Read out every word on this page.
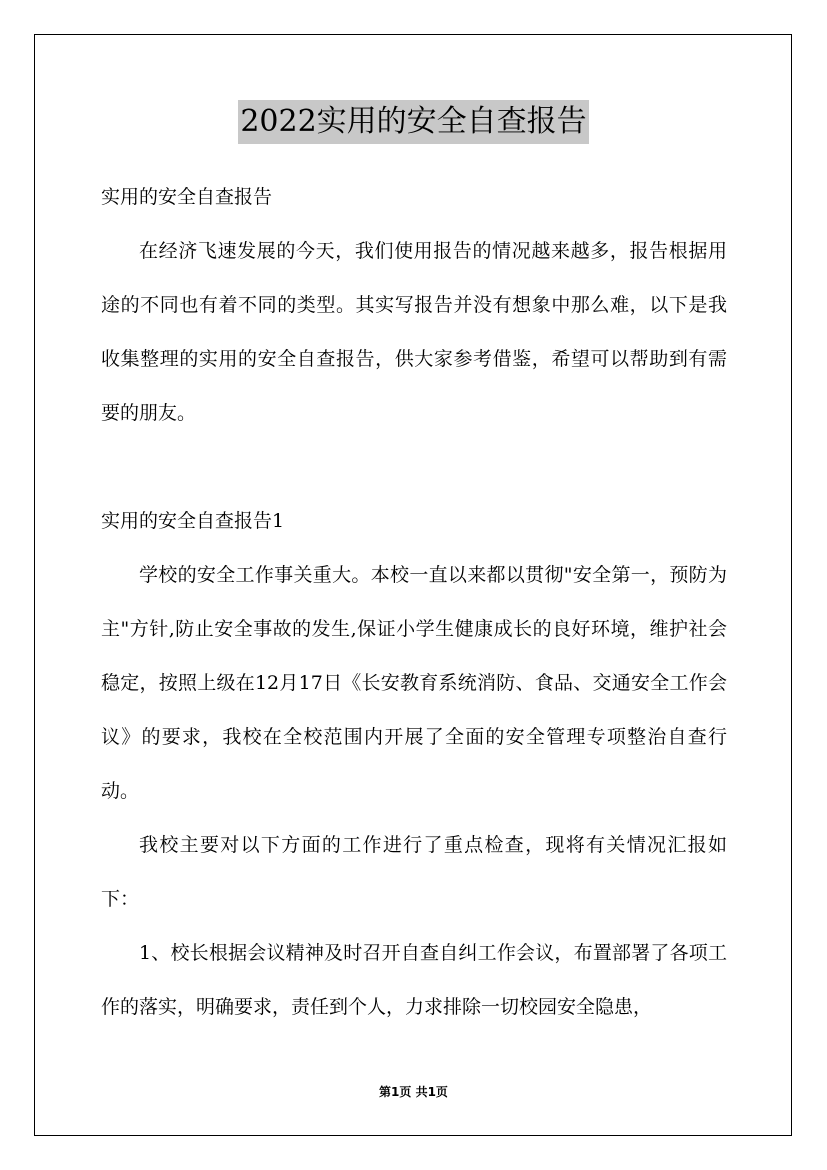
2022实用的安全自查报告

实用的安全自查报告

在经济飞速发展的今天，我们使用报告的情况越来越多，报告根据用途的不同也有着不同的类型。其实写报告并没有想象中那么难，以下是我收集整理的实用的安全自查报告，供大家参考借鉴，希望可以帮助到有需要的朋友。

实用的安全自查报告1

学校的安全工作事关重大。本校一直以来都以贯彻"安全第一，预防为主"方针,防止安全事故的发生,保证小学生健康成长的良好环境，维护社会稳定，按照上级在12月17日《长安教育系统消防、食品、交通安全工作会议》的要求，我校在全校范围内开展了全面的安全管理专项整治自查行动。

我校主要对以下方面的工作进行了重点检查，现将有关情况汇报如下：

1、校长根据会议精神及时召开自查自纠工作会议，布置部署了各项工作的落实，明确要求，责任到个人，力求排除一切校园安全隐患，

第1页 共1页
